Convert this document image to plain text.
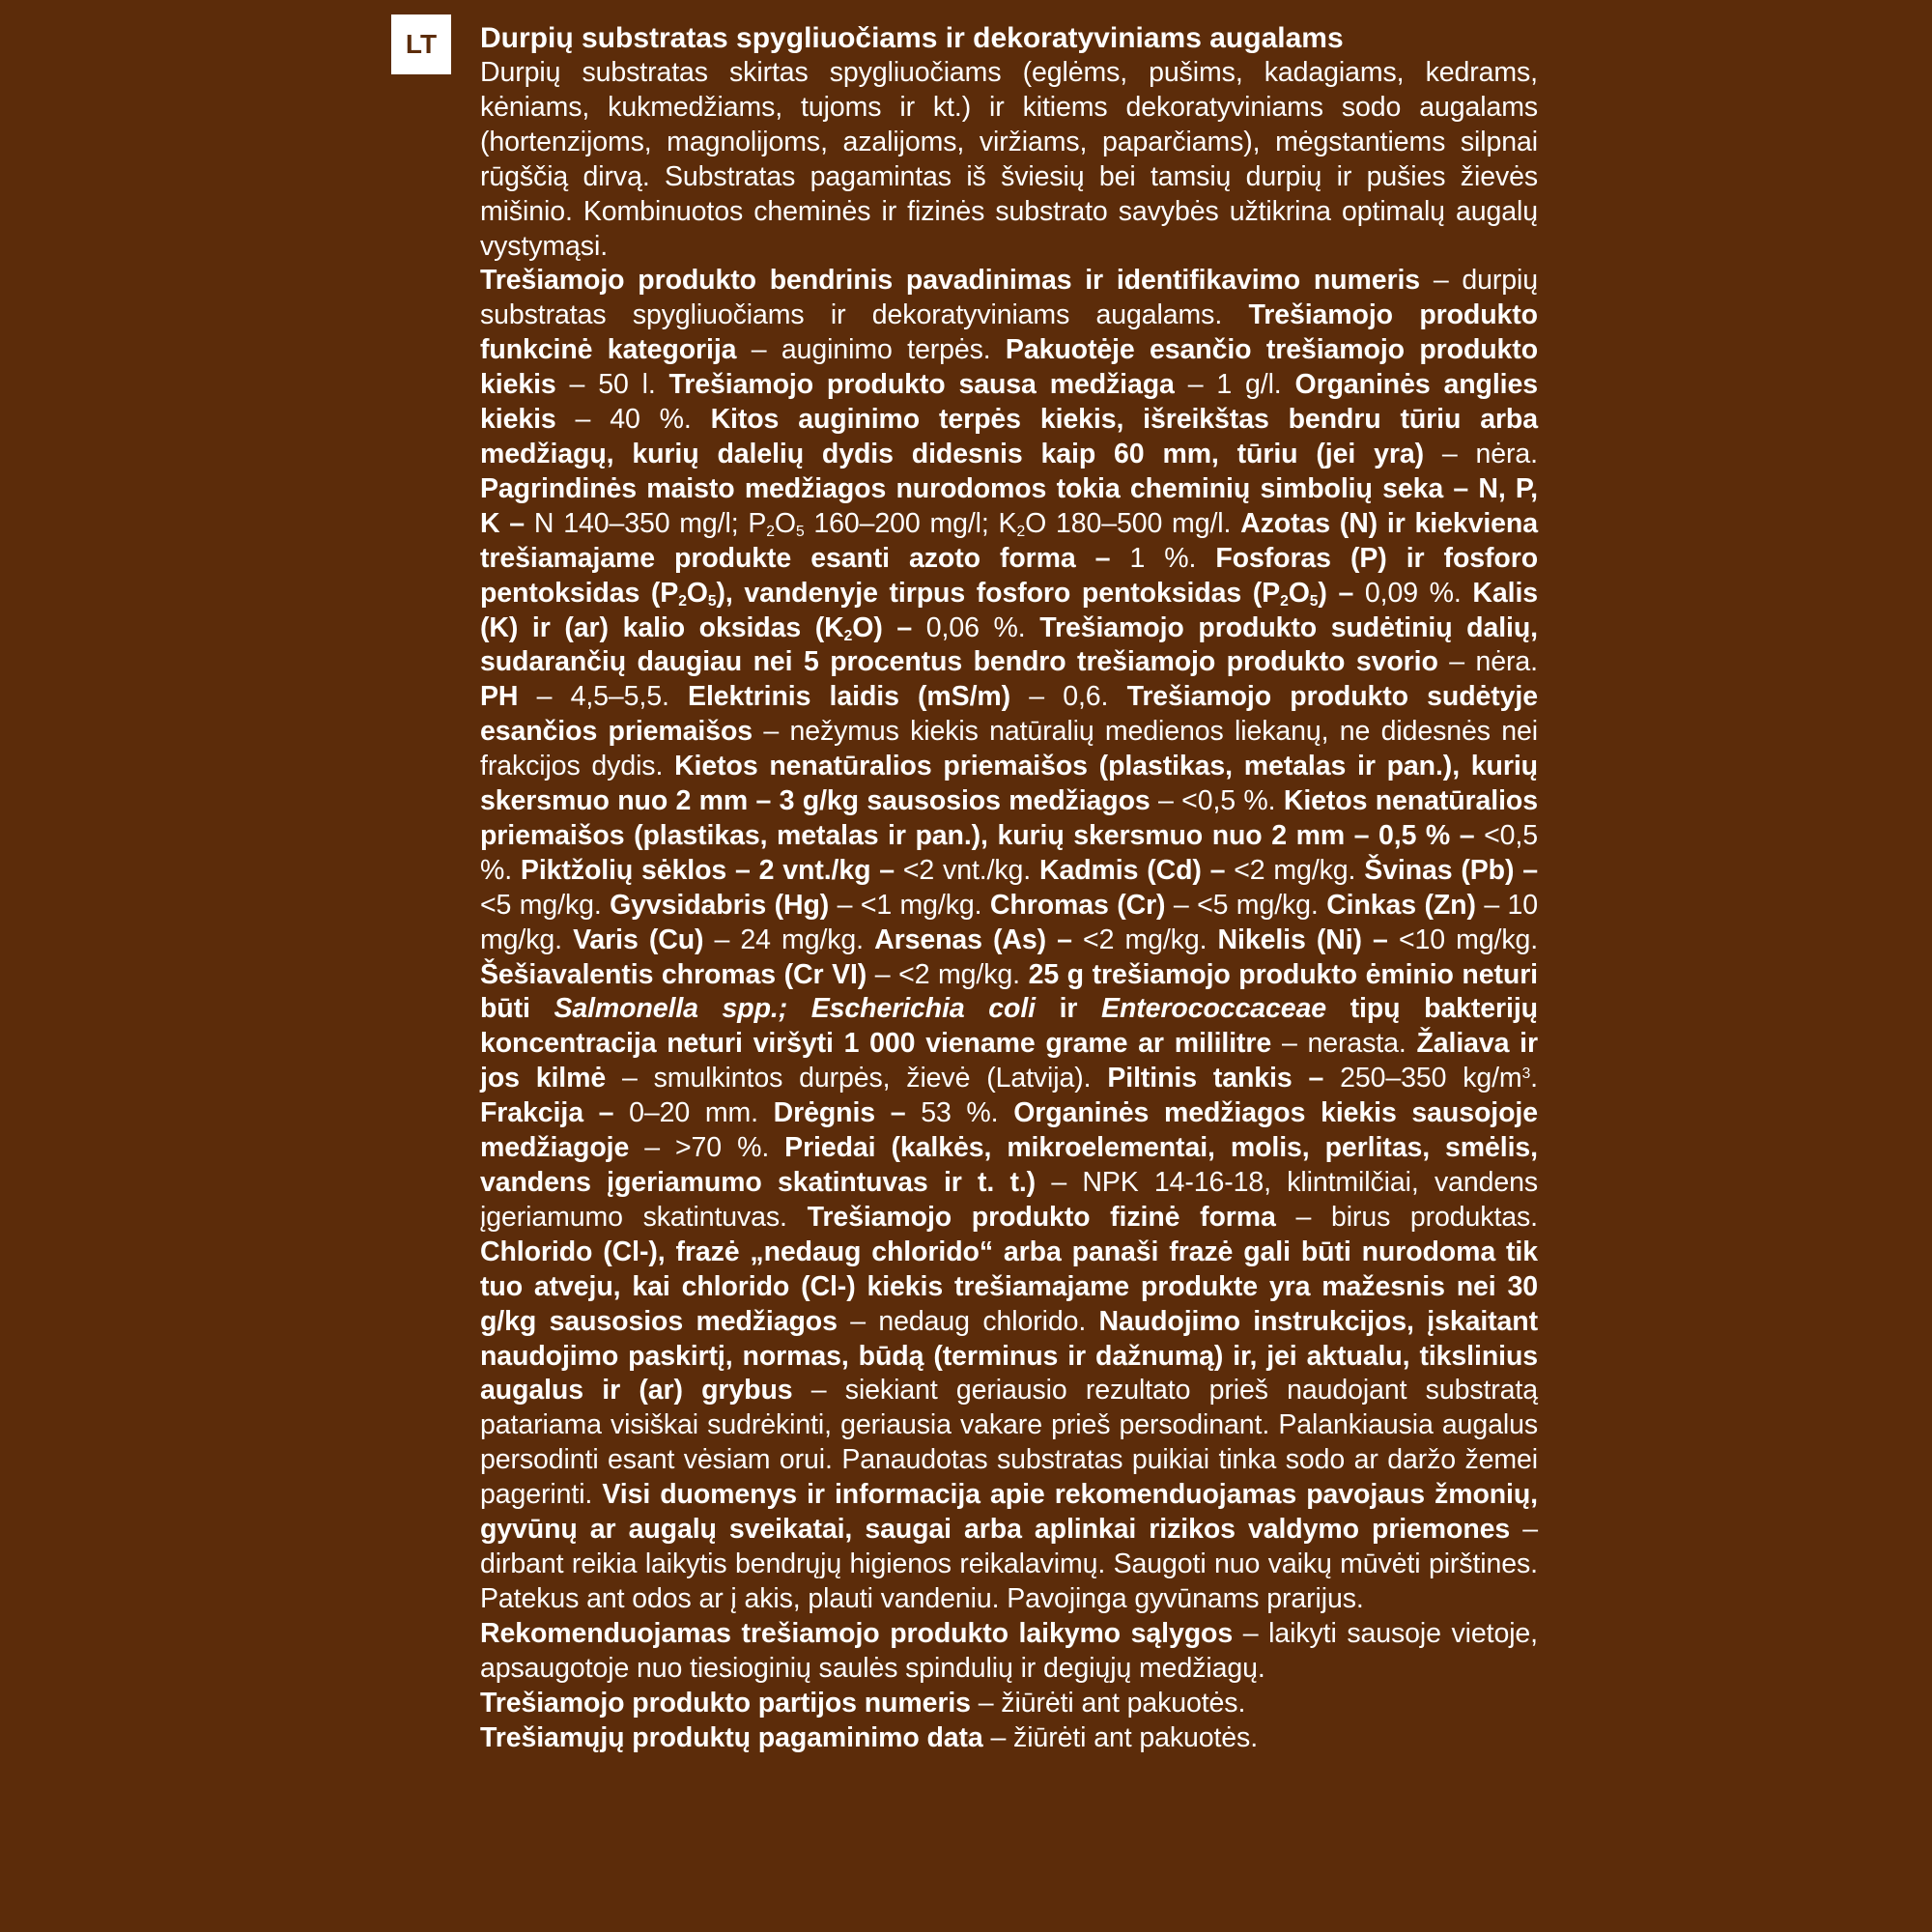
LT	Durpių substratas spygliuočiams ir dekoratyviniams augalams

Durpių substratas skirtas spygliuočiams (eglėms, pušims, kadagiams, kedrams, kėniams, kukmedžiams, tujoms ir kt.) ir kitiems dekoratyviniams sodo augalams (hortenzijoms, magnolijoms, azalijoms, viržiams, paparčiams), mėgstantiems silpnai rūgščią dirvą. Substratas pagamintas iš šviesių bei tamsių durpių ir pušies žievės mišinio. Kombinuotos cheminės ir fizinės substrato savybės užtikrina optimalų augalų vystymąsi.

Trešiamojo produkto bendrinis pavadinimas ir identifikavimo numeris – durpių substratas spygliuočiams ir dekoratyviniams augalams. Trešiamojo produkto funkcinė kategorija – auginimo terpės. Pakuotėje esančio trešiamojo produkto kiekis – 50 l. Trešiamojo produkto sausa medžiaga – 1 g/l. Organinės anglies kiekis – 40 %. Kitos auginimo terpės kiekis, išreikštas bendru tūriu arba medžiagų, kurių dalelių dydis didesnis kaip 60 mm, tūriu (jei yra) – nėra. Pagrindinės maisto medžiagos nurodomos tokia cheminių simbolių seka – N, P, K – N 140–350 mg/l; $P_2O_5$ 160–200 mg/l; $K_2O$ 180–500 mg/l. Azotas (N) ir kiekviena trešiamajame produkte esanti azoto forma – 1 %. Fosforas (P) ir fosforo pentoksidas $(P_2O_5)$, vandenyje tirpus fosforo pentoksidas $(P_2O_5) - 0,09$ %. Kalis (K) ir (ar) kalio oksidas $(K_2O) - 0,06$ %. Trešiamojo produkto sudėtinių dalių, sudarančių daugiau nei 5 procentus bendro trešiamojo produkto svorio – nėra. PH – 4,5–5,5. Elektrinis laidis (mS/m) – 0,6. Trešiamojo produkto sudėtyje esančios priemaišos – nežymus kiekis natūralių medienos liekanų, ne didesnės nei frakcijos dydis. Kietos nenatūralios priemaišos (plastikas, metalas ir pan.), kurių skersmuo nuo 2 mm – 3 g/kg sausosios medžiagos – <0,5 %. Kietos nenatūralios priemaišos (plastikas, metalas ir pan.), kurių skersmuo nuo 2 mm – 0,5 % – <0,5 %. Piktžolių sėklos – 2 vnt./kg – <2 vnt./kg. Kadmis (Cd) – <2 mg/kg. Švinas (Pb) – <5 mg/kg. Gyvsidabris (Hg) – <1 mg/kg. Chromas (Cr) – <5 mg/kg. Cinkas (Zn) – 10 mg/kg. Varis (Cu) – 24 mg/kg. Arsenas (As) – <2 mg/kg. Nikelis (Ni) – <10 mg/kg. Šešiavalentis chromas (Cr VI) – <2 mg/kg. 25 g trešiamojo produkto ėminio neturi būti Salmonella spp.; Escherichia coli ir Enterococcaceae tipų bakterijų koncentracija neturi viršyti 1 000 viename grame ar mililitre – nerasta. Žaliava ir jos kilmė – smulkintos durpės, žievė (Latvija). Piltinis tankis – 250–350 $kg/m^3$. Frakcija – 0–20 mm. Drėgnis – 53 %. Organinės medžiagos kiekis sausojoje medžiagoje – >70 %. Priedai (kalkės, mikroelementai, molis, perlitas, smėlis, vandens įgeriamumo skatintuvas ir t. t.) – NPK 14-16-18, klintmilčiai, vandens įgeriamumo skatintuvas. Trešiamojo produkto fizinė forma – birus produktas. Chlorido (Cl-), frazė „nedaug chlorido“ arba panaši frazė gali būti nurodoma tik tuo atveju, kai chlorido (Cl-) kiekis trešiamajame produkte yra mažesnis nei 30 g/kg sausosios medžiagos – nedaug chlorido. Naudojimo instrukcijos, įskaitant naudojimo paskirtį, normas, būdą (terminus ir dažnumą) ir, jei aktualu, tikslinius augalus ir (ar) grybus – siekiant geriausio rezultato prieš naudojant substratą patariama visiškai sudrėkinti, geriausia vakare prieš persodinant. Palankiausia augalus persodinti esant vėsiam orui. Panaudotas substratas puikiai tinka sodo ar daržo žemei pagerinti. Visi duomenys ir informacija apie rekomenduojamas pavojaus žmonių, gyvūnų ar augalų sveikatai, saugai arba aplinkai rizikos valdymo priemones – dirbant reikia laikytis bendrųjų higienos reikalavimų. Saugoti nuo vaikų mūvėti pirštines. Patekus ant odos ar į akis, plauti vandeniu. Pavojinga gyvūnams prarijus.

Rekomenduojamas trešiamojo produkto laikymo sąlygos – laikyti sausoje vietoje, apsaugotoje nuo tiesioginių saulės spindulių ir degiųjų medžiagų.

Trešiamojo produkto partijos numeris – žiūrėti ant pakuotės.

Trešiamųjų produktų pagaminimo data – žiūrėti ant pakuotės.
